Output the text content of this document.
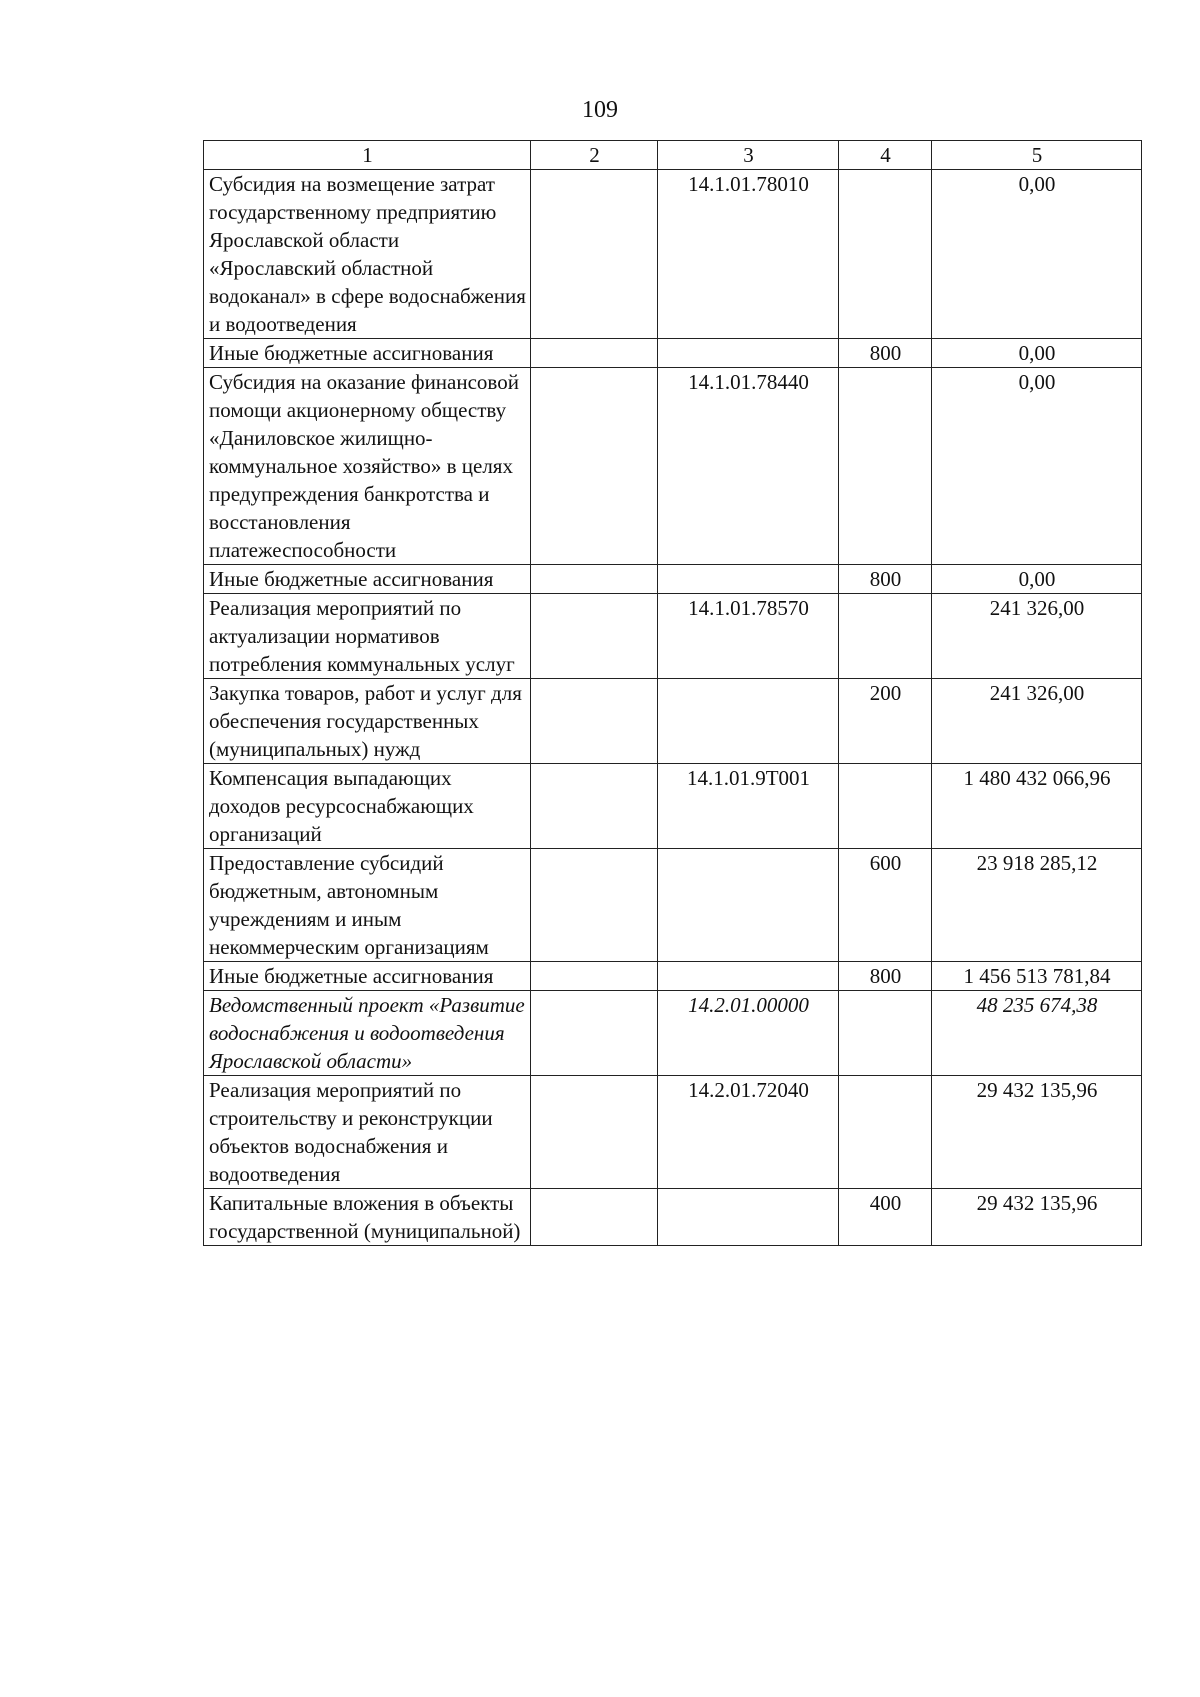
109
1	2	3	4	5
Субсидия на возмещение затрат государственному предприятию Ярославской области «Ярославский областной водоканал» в сфере водоснабжения и водоотведения		14.1.01.78010		0,00
Иные бюджетные ассигнования			800	0,00
Субсидия на оказание финансовой помощи акционерному обществу «Даниловское жилищно-коммунальное хозяйство» в целях предупреждения банкротства и восстановления платежеспособности		14.1.01.78440		0,00
Иные бюджетные ассигнования			800	0,00
Реализация мероприятий по актуализации нормативов потребления коммунальных услуг		14.1.01.78570		241 326,00
Закупка товаров, работ и услуг для обеспечения государственных (муниципальных) нужд			200	241 326,00
Компенсация выпадающих доходов ресурсоснабжающих организаций		14.1.01.9Т001		1 480 432 066,96
Предоставление субсидий бюджетным, автономным учреждениям и иным некоммерческим организациям			600	23 918 285,12
Иные бюджетные ассигнования			800	1 456 513 781,84
Ведомственный проект «Развитие водоснабжения и водоотведения Ярославской области»		14.2.01.00000		48 235 674,38
Реализация мероприятий по строительству и реконструкции объектов водоснабжения и водоотведения		14.2.01.72040		29 432 135,96
Капитальные вложения в объекты государственной (муниципальной)			400	29 432 135,96
